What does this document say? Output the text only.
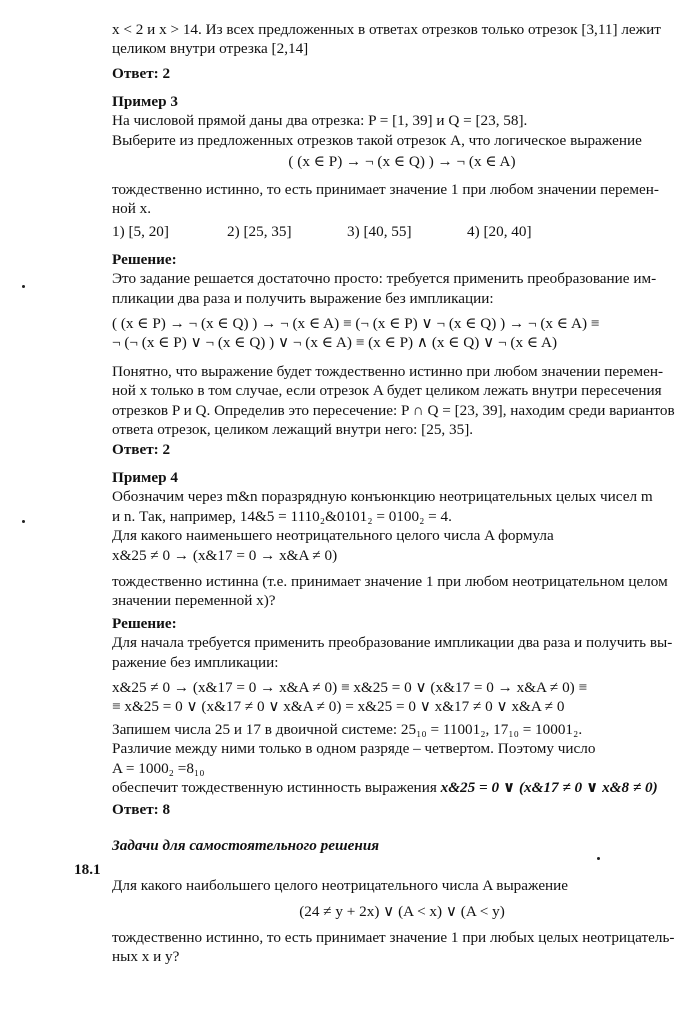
x < 2 и x > 14. Из всех предложенных в ответах отрезков только отрезок [3,11] лежит

целиком внутри отрезка [2,14]

Ответ: 2

Пример 3

На числовой прямой даны два отрезка: P = [1, 39] и Q = [23, 58].

Выберите из предложенных отрезков такой отрезок A, что логическое выражение

( (x ∈ P) → ¬ (x ∈ Q) ) → ¬ (x ∈ A)

тождественно истинно, то есть принимает значение 1 при любом значении перемен-

ной x.

1) [5, 20]	2) [25, 35]	3) [40, 55]	4) [20, 40]

Решение:

Это задание решается достаточно просто: требуется применить преобразование им-

пликации два раза и получить выражение без импликации:

( (x ∈ P) → ¬ (x ∈ Q) ) → ¬ (x ∈ A) ≡ (¬ (x ∈ P) ∨ ¬ (x ∈ Q) ) → ¬ (x ∈ A) ≡

¬ (¬ (x ∈ P) ∨ ¬ (x ∈ Q) ) ∨ ¬ (x ∈ A) ≡ (x ∈ P) ∧ (x ∈ Q) ∨ ¬ (x ∈ A)

Понятно, что выражение будет тождественно истинно при любом значении перемен-

ной x только в том случае, если отрезок A будет целиком лежать внутри пересечения

отрезков P и Q. Определив это пересечение: P ∩ Q = [23, 39], находим среди вариантов

ответа отрезок, целиком лежащий внутри него: [25, 35].

Ответ: 2

Пример 4

Обозначим через m&n поразрядную конъюнкцию неотрицательных целых чисел m

и n. Так, например, 14&5 = 1110₂&0101₂ = 0100₂ = 4.

Для какого наименьшего неотрицательного целого числа A формула

x&25 ≠ 0 → (x&17 = 0 → x&A ≠ 0)

тождественно истинна (т.е. принимает значение 1 при любом неотрицательном целом

значении переменной x)?

Решение:

Для начала требуется применить преобразование импликации два раза и получить вы-

ражение без импликации:

x&25 ≠ 0 → (x&17 = 0 → x&A ≠ 0) ≡ x&25 = 0 ∨ (x&17 = 0 → x&A ≠ 0) ≡

≡ x&25 = 0 ∨ (x&17 ≠ 0 ∨ x&A ≠ 0) = x&25 = 0 ∨ x&17 ≠ 0 ∨ x&A ≠ 0

Запишем числа 25 и 17 в двоичной системе: 25₁₀ = 11001₂, 17₁₀ = 10001₂.

Различие между ними только в одном разряде – четвертом. Поэтому число

A = 1000₂ =8₁₀

обеспечит тождественную истинность выражения x&25 = 0 ∨ (x&17 ≠ 0 ∨ x&8 ≠ 0)

Ответ: 8
Задачи для самостоятельного решения
18.1

Для какого наибольшего целого неотрицательного числа A выражение

(24 ≠ y + 2x) ∨ (A < x) ∨ (A < y)

тождественно истинно, то есть принимает значение 1 при любых целых неотрицатель-

ных x и y?
